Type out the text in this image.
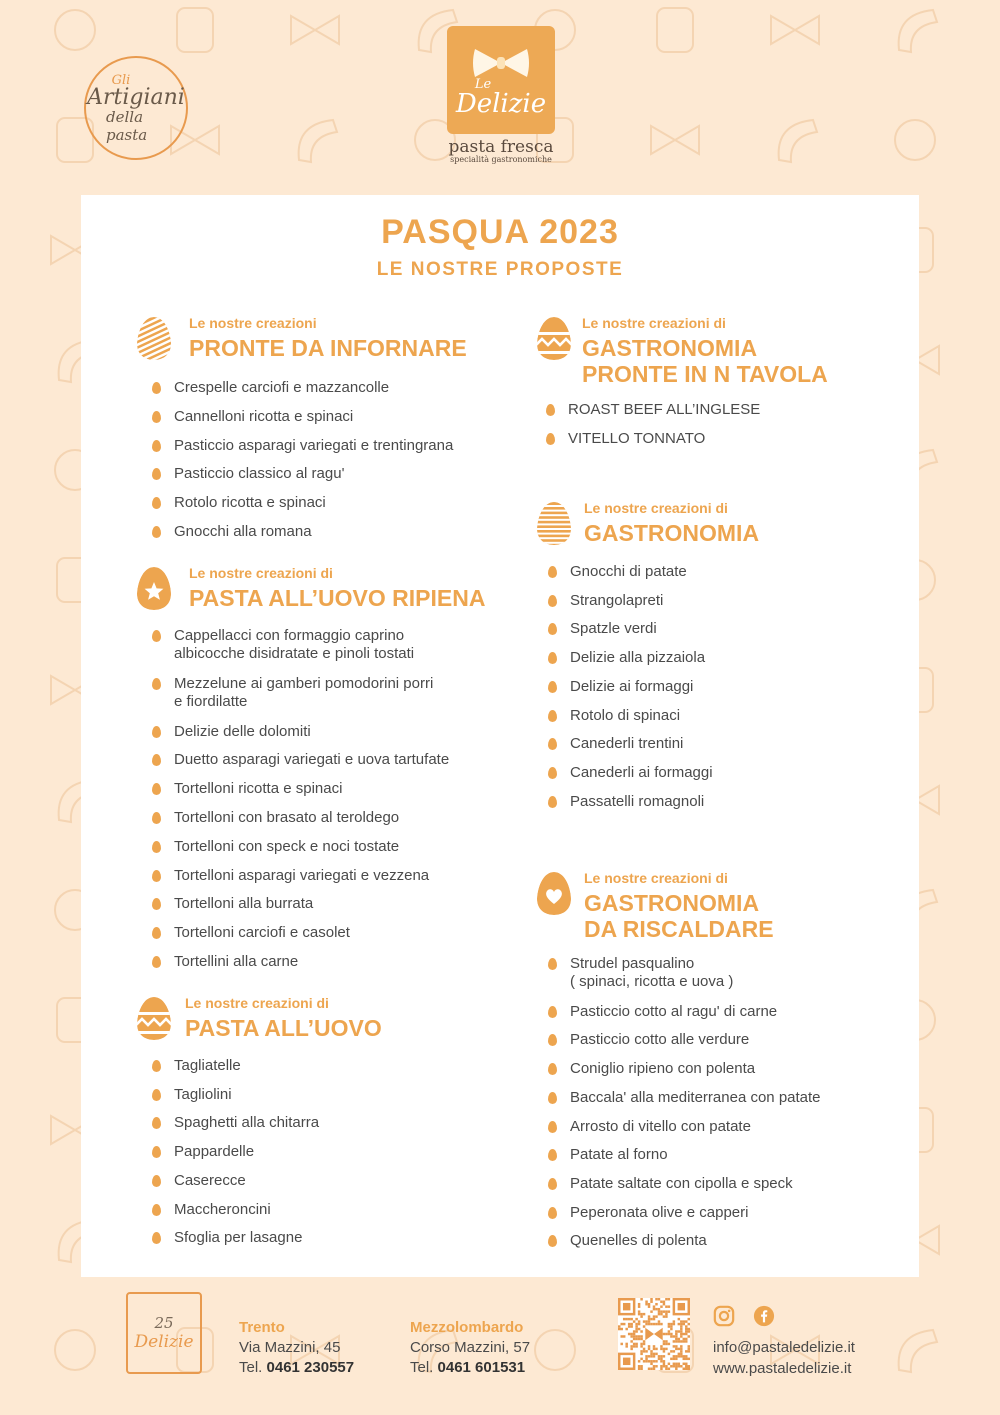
Gli
Artigiani
della pasta
Le
Delizie
pasta fresca
specialità gastronomiche
PASQUA 2023
LE NOSTRE PROPOSTE
Le nostre creazioni
PRONTE DA INFORNARE
Crespelle carciofi e mazzancolle
Cannelloni ricotta e spinaci
Pasticcio asparagi variegati e trentingrana
Pasticcio classico al ragu'
Rotolo ricotta e spinaci
Gnocchi alla romana
Le nostre creazioni di
PASTA ALL’UOVO RIPIENA
Cappellacci con formaggio caprino
albicocche disidratate e pinoli tostati
Mezzelune ai gamberi pomodorini porri
e fiordilatte
Delizie delle dolomiti
Duetto asparagi variegati e uova tartufate
Tortelloni ricotta e spinaci
Tortelloni con brasato al teroldego
Tortelloni con speck e noci tostate
Tortelloni asparagi variegati e vezzena
Tortelloni alla burrata
Tortelloni carciofi e casolet
Tortellini alla carne
Le nostre creazioni di
PASTA ALL’UOVO
Tagliatelle
Tagliolini
Spaghetti alla chitarra
Pappardelle
Caserecce
Maccheroncini
Sfoglia per lasagne
Le nostre creazioni di
GASTRONOMIA
PRONTE IN N TAVOLA
ROAST BEEF ALL’INGLESE
VITELLO TONNATO
Le nostre creazioni di
GASTRONOMIA
Gnocchi di patate
Strangolapreti
Spatzle verdi
Delizie alla pizzaiola
Delizie ai formaggi
Rotolo di spinaci
Canederli trentini
Canederli ai formaggi
Passatelli romagnoli
Le nostre creazioni di
GASTRONOMIA
DA RISCALDARE
Strudel pasqualino
( spinaci, ricotta e uova )
Pasticcio cotto al ragu' di carne
Pasticcio cotto alle verdure
Coniglio ripieno con polenta
Baccala' alla mediterranea con patate
Arrosto di vitello con patate
Patate al forno
Patate saltate con cipolla e speck
Peperonata olive e capperi
Quenelles di polenta
25
Delizie
Trento
Via Mazzini, 45
Tel. 0461 230557
Mezzolombardo
Corso Mazzini, 57
Tel. 0461 601531
info@pastaledelizie.it
www.pastaledelizie.it
